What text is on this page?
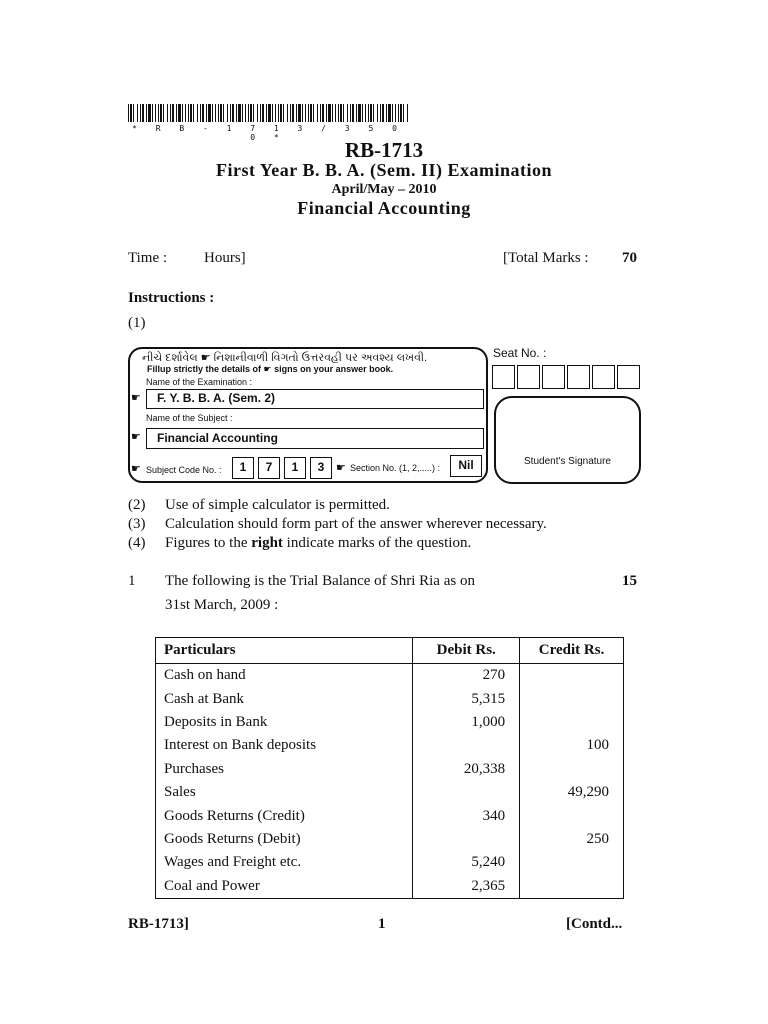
* R B - 1 7 1 3 / 3 5 0 0 *
RB-1713
First Year B. B. A. (Sem. II) Examination
April/May – 2010
Financial Accounting
Time : Hours]	[Total Marks : 70
Instructions :
(1)
નીચે દર્શાવેલ ☛ નિશાનીવાળી વિગતો ઉત્તરવહી પર અવશ્ય લખવી.
Fillup strictly the details of ☛ signs on your answer book.
Name of the Examination :
☛	F. Y. B. B. A. (Sem. 2)
Name of the Subject :
☛	Financial Accounting
☛ Subject Code No. :	1	7	1	3	☛ Section No. (1, 2,.....) :	Nil
Seat No. :
Student's Signature
(2) Use of simple calculator is permitted.
(3) Calculation should form part of the answer wherever necessary.
(4) Figures to the right indicate marks of the question.
1 The following is the Trial Balance of Shri Ria as on
31st March, 2009 :
15
Particulars	Debit Rs.	Credit Rs.
Cash on hand	270	
Cash at Bank	5,315	
Deposits in Bank	1,000	
Interest on Bank deposits		100
Purchases	20,338	
Sales		49,290
Goods Returns (Credit)	340	
Goods Returns (Debit)		250
Wages and Freight etc.	5,240	
Coal and Power	2,365	
RB-1713]	1	[Contd...
